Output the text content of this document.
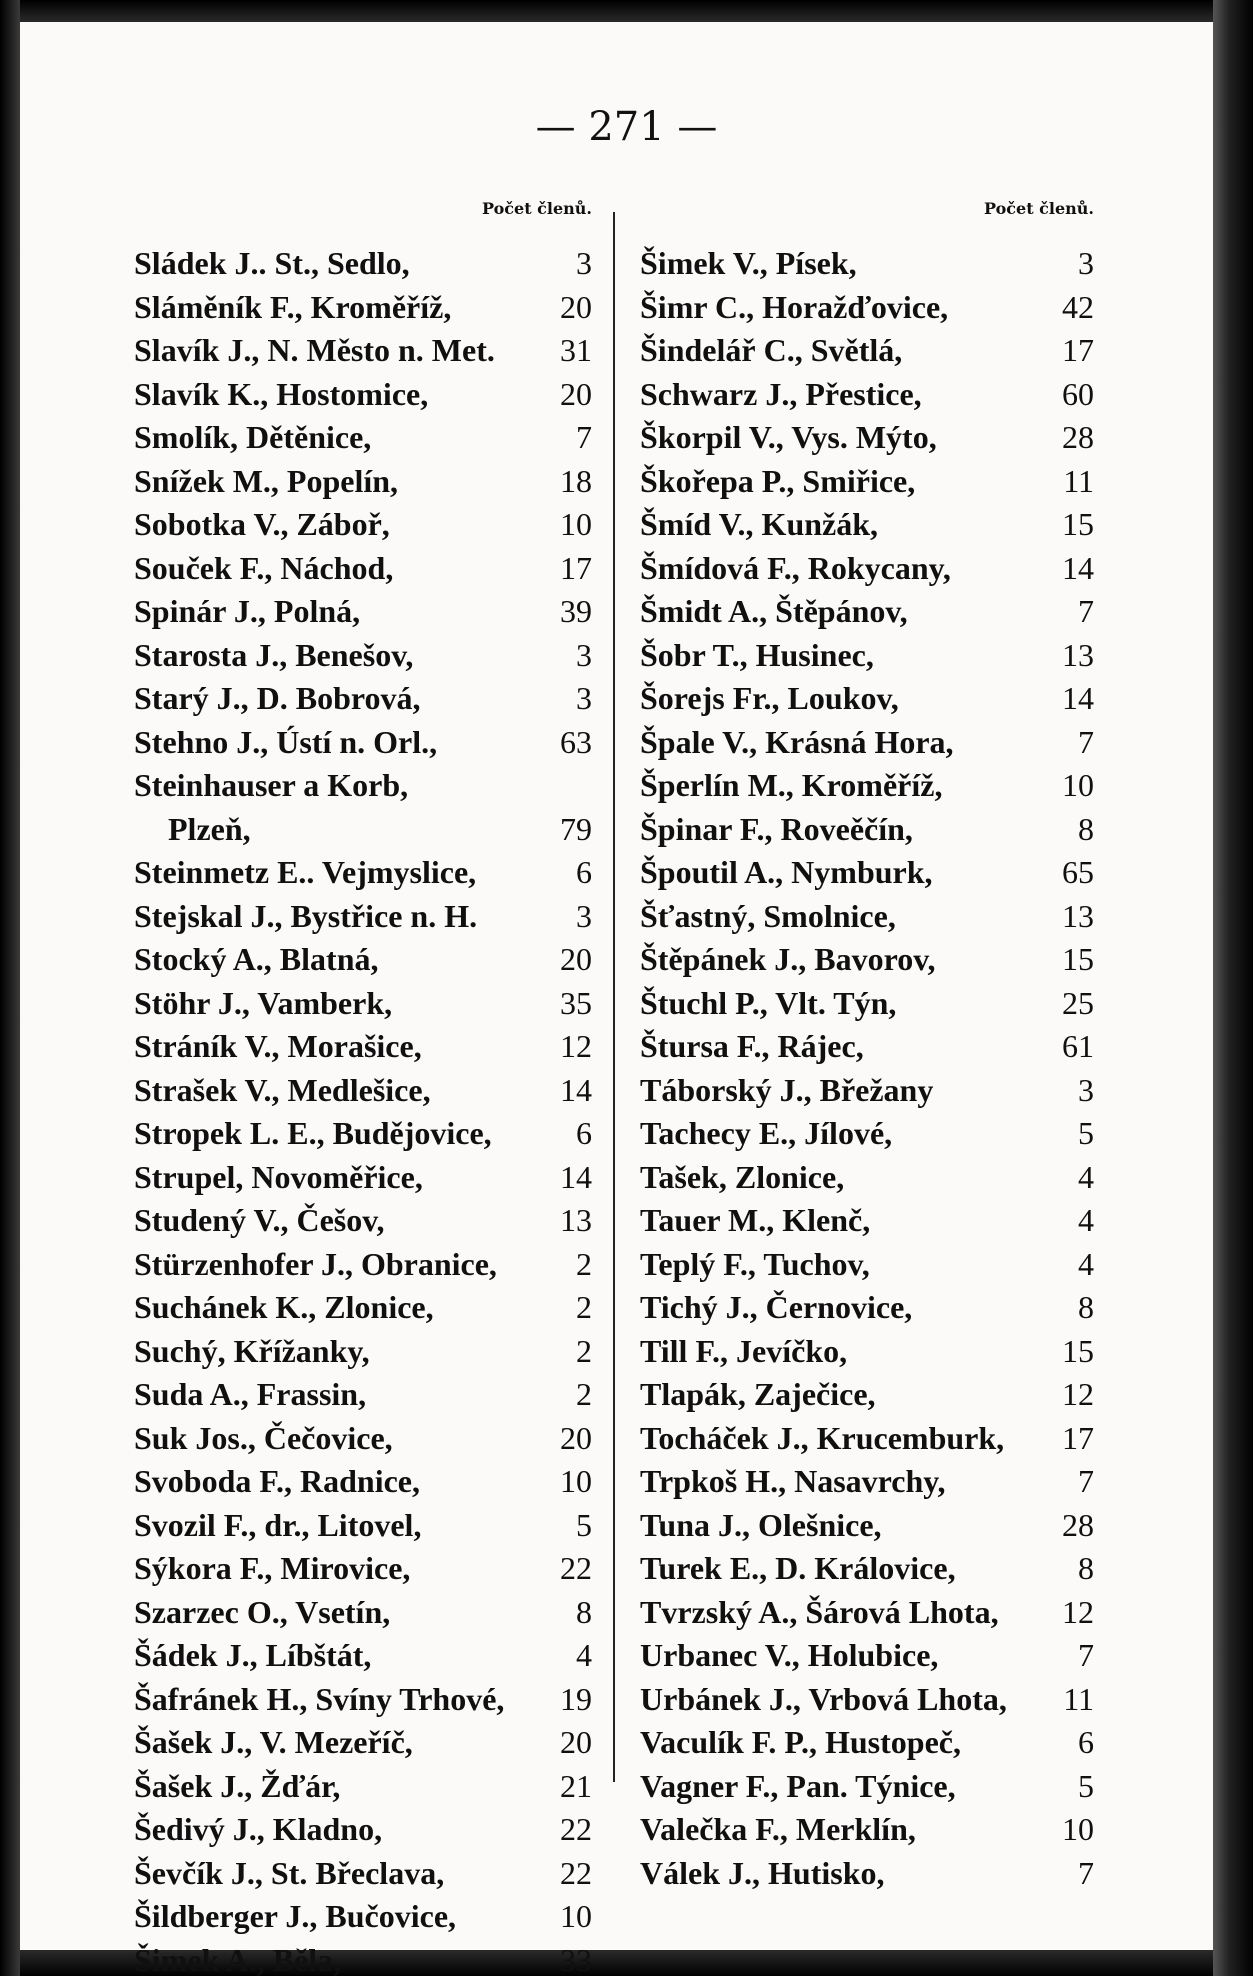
— 271 —
Počet členů.
Sládek J.. St., Sedlo,	3
Sláměník F., Kroměříž,	20
Slavík J., N. Město n. Met. 31
Slavík K., Hostomice,	20
Smolík, Dětěnice,	7
Snížek M., Popelín,	18
Sobotka V., Záboř,	10
Souček F., Náchod,	17
Spinár J., Polná,	39
Starosta J., Benešov,	3
Starý J., D. Bobrová,	3
Stehno J., Ústí n. Orl.,	63
Steinhauser a Korb,
Plzeň,	79
Steinmetz E.. Vejmyslice,	6
Stejskal J., Bystřice n. H.	3
Stocký A., Blatná,	20
Stöhr J., Vamberk,	35
Stráník V., Morašice,	12
Strašek V., Medlešice,	14
Stropek L. E., Budějovice,	6
Strupel, Novoměřice,	14
Studený V., Češov,	13
Stürzenhofer J., Obranice, 2
Suchánek K., Zlonice,	2
Suchý, Křížanky,	2
Suda A., Frassin,	2
Suk Jos., Čečovice,	20
Svoboda F., Radnice,	10
Svozil F., dr., Litovel,	5
Sýkora F., Mirovice,	22
Szarzec O., Vsetín,	8
Šádek J., Líbštát,	4
Šafránek H., Svíny Trhové, 19
Šašek J., V. Mezeříč,	20
Šašek J., Žďár,	21
Šedivý J., Kladno,	22
Ševčík J., St. Břeclava,	22
Šildberger J., Bučovice,	10
Šimek A., Běla,	33
Počet členů.
Šimek V., Písek,	3
Šimr C., Horažďovice,	42
Šindelář C., Světlá,	17
Schwarz J., Přestice,	60
Škorpil V., Vys. Mýto,	28
Škořepa P., Smiřice,	11
Šmíd V., Kunžák,	15
Šmídová F., Rokycany,	14
Šmidt A., Štěpánov,	7
Šobr T., Husinec,	13
Šorejs Fr., Loukov,	14
Špale V., Krásná Hora,	7
Šperlín M., Kroměříž,	10
Špinar F., Roveěčín,	8
Špoutil A., Nymburk,	65
Šťastný, Smolnice,	13
Štěpánek J., Bavorov,	15
Štuchl P., Vlt. Týn,	25
Štursa F., Rájec,	61
Táborský J., Břežany	3
Tachecy E., Jílové,	5
Tašek, Zlonice,	4
Tauer M., Klenč,	4
Teplý F., Tuchov,	4
Tichý J., Černovice,	8
Till F., Jevíčko,	15
Tlapák, Zaječice,	12
Tocháček J., Krucemburk, 17
Trpkoš H., Nasavrchy,	7
Tuna J., Olešnice,	28
Turek E., D. Královice,	8
Tvrzský A., Šárová Lhota, 12
Urbanec V., Holubice,	7
Urbánek J., Vrbová Lhota, 11
Vaculík F. P., Hustopeč,	6
Vagner F., Pan. Týnice,	5
Valečka F., Merklín,	10
Válek J., Hutisko,	7
